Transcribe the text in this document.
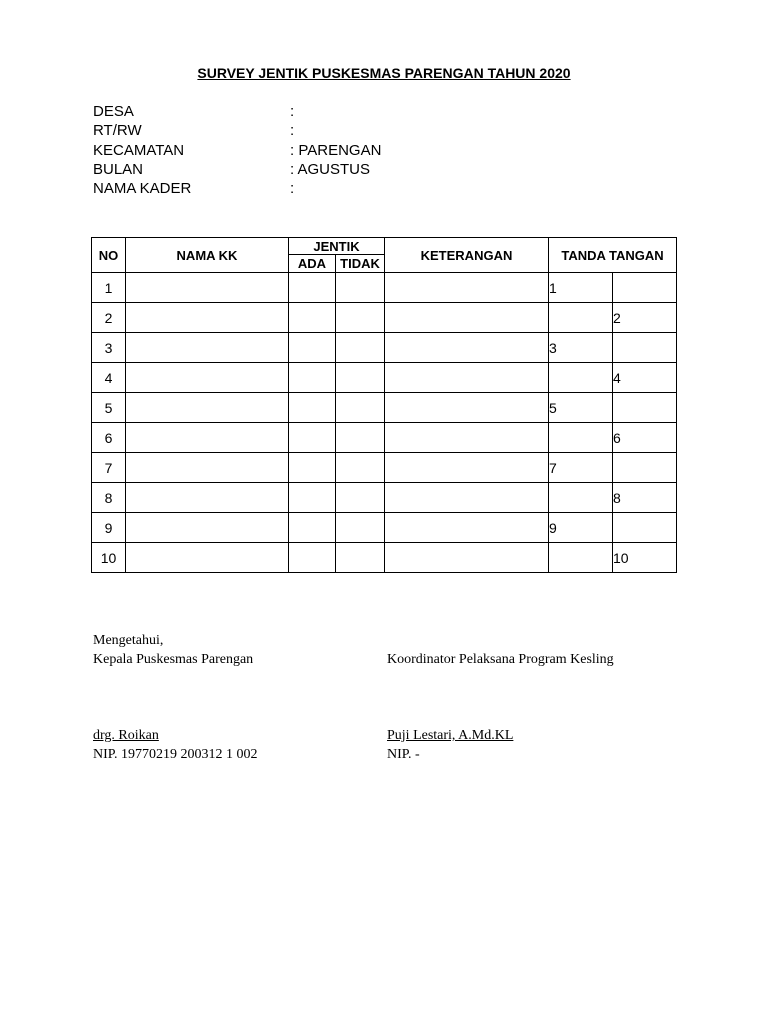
SURVEY JENTIK PUSKESMAS PARENGAN TAHUN 2020
DESA	:
RT/RW	:
KECAMATAN	: PARENGAN
BULAN	: AGUSTUS
NAMA KADER	:
NO	NAMA KK	JENTIK		KETERANGAN	TANDA TANGAN	
		ADA	TIDAK			
1					1	
2						2
3					3	
4						4
5					5	
6						6
7					7	
8						8
9					9	
10						10
Mengetahui,
Kepala Puskesmas Parengan
drg. Roikan
NIP. 19770219 200312 1 002
Koordinator Pelaksana Program Kesling
Puji Lestari, A.Md.KL
NIP. -
